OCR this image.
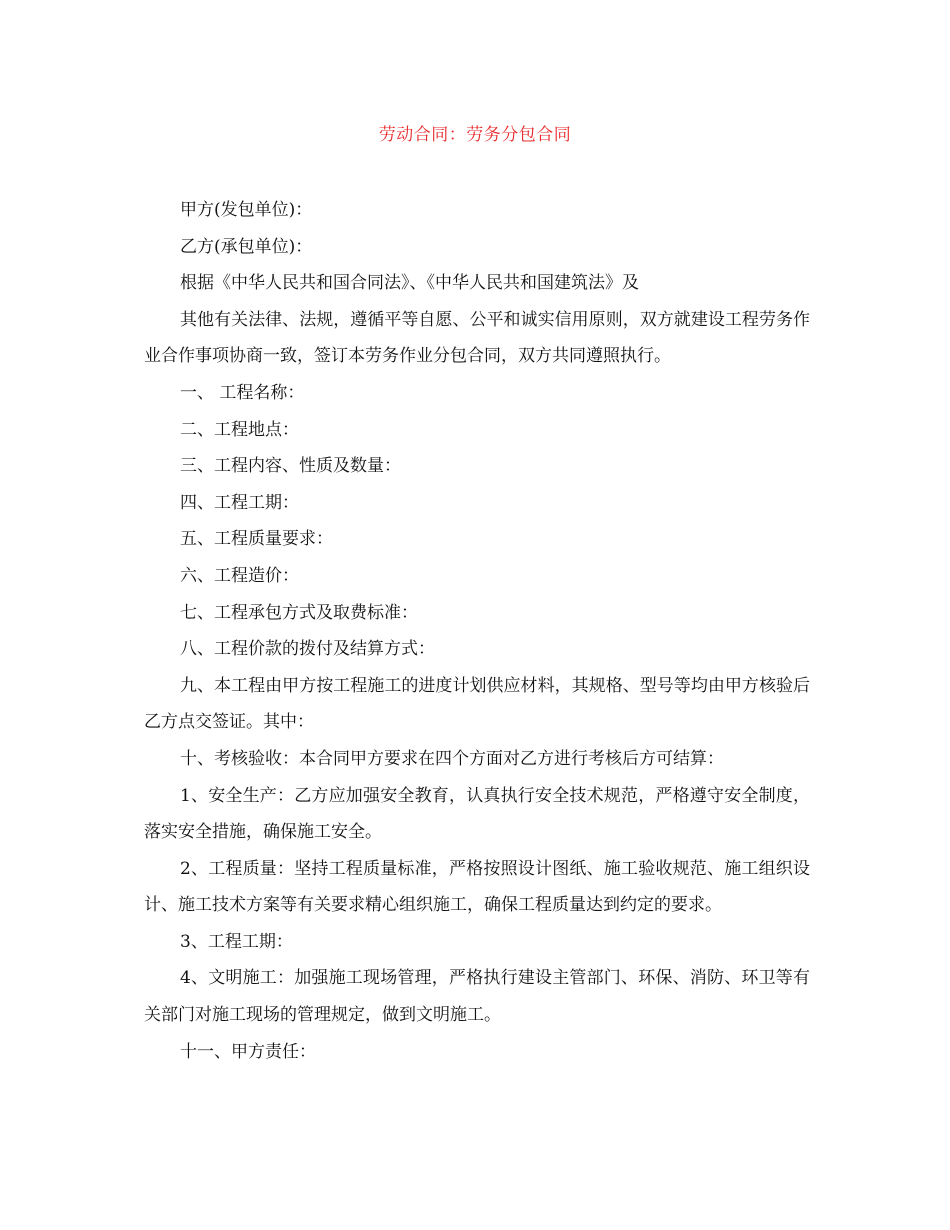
劳动合同：劳务分包合同

甲方(发包单位)：

乙方(承包单位)：

根据《中华人民共和国合同法》、《中华人民共和国建筑法》及

其他有关法律、法规，遵循平等自愿、公平和诚实信用原则，双方就建设工程劳务作业合作事项协商一致，签订本劳务作业分包合同，双方共同遵照执行。

一、 工程名称：

二、工程地点：

三、工程内容、性质及数量：

四、工程工期：

五、工程质量要求：

六、工程造价：

七、工程承包方式及取费标准：

八、工程价款的拨付及结算方式：

九、本工程由甲方按工程施工的进度计划供应材料，其规格、型号等均由甲方核验后乙方点交签证。其中：

十、考核验收：本合同甲方要求在四个方面对乙方进行考核后方可结算：

1、安全生产：乙方应加强安全教育，认真执行安全技术规范，严格遵守安全制度，落实安全措施，确保施工安全。

2、工程质量：坚持工程质量标准，严格按照设计图纸、施工验收规范、施工组织设计、施工技术方案等有关要求精心组织施工，确保工程质量达到约定的要求。

3、工程工期：

4、文明施工：加强施工现场管理，严格执行建设主管部门、环保、消防、环卫等有关部门对施工现场的管理规定，做到文明施工。

十一、甲方责任：
